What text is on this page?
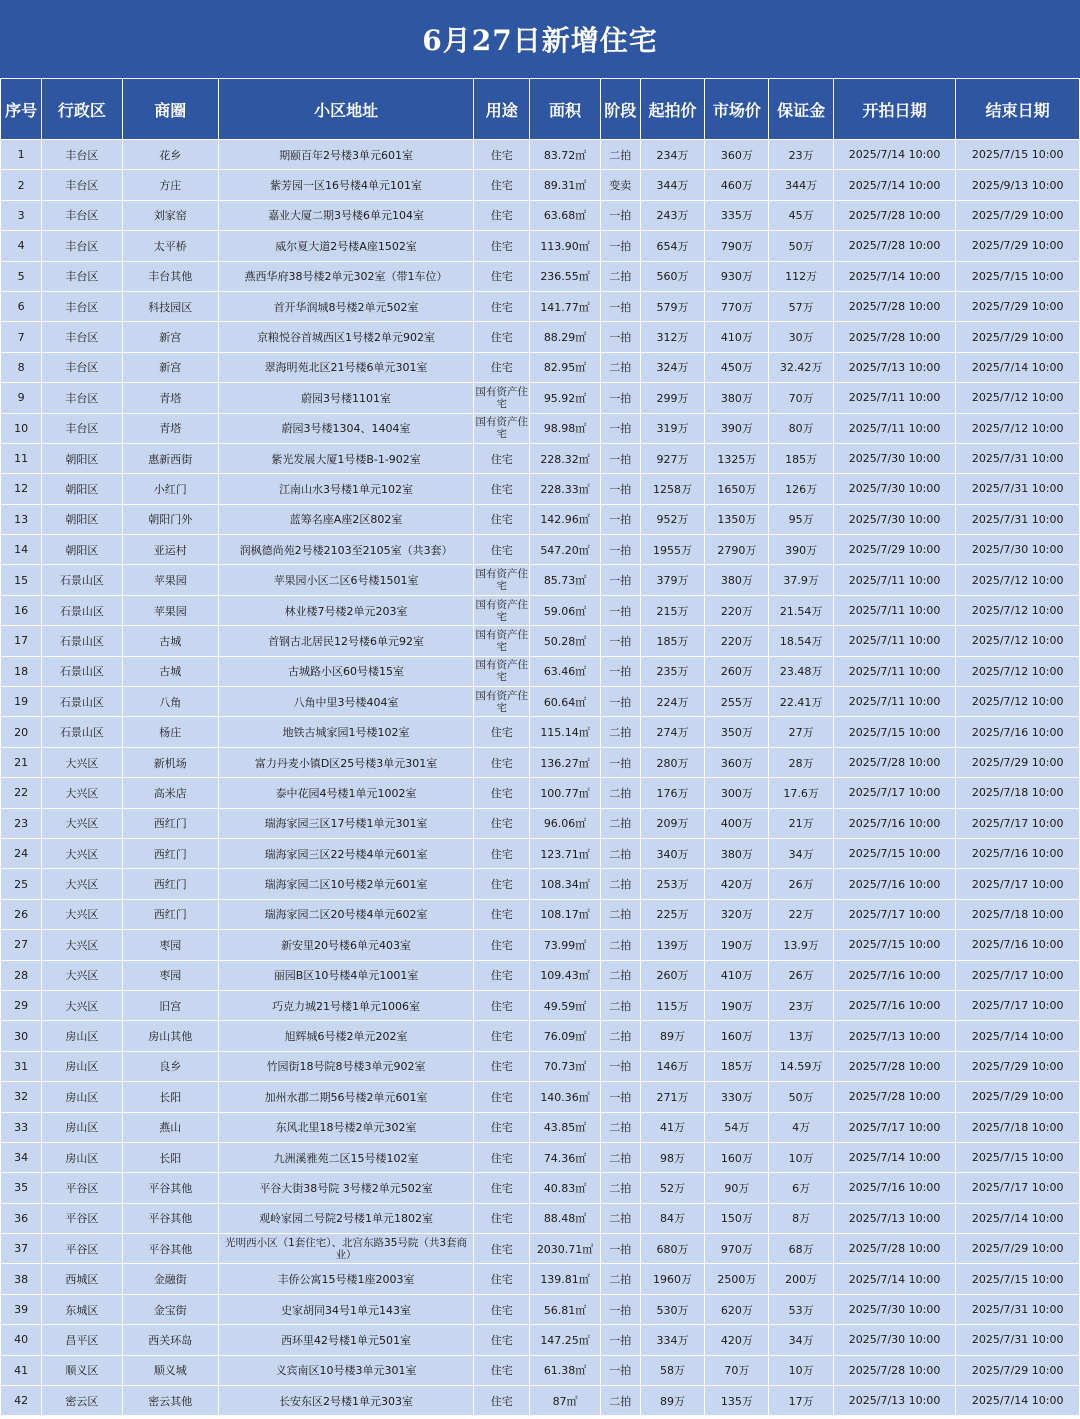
6月27日新增住宅
序号	行政区	商圈	小区地址	用途	面积	阶段	起拍价	市场价	保证金	开拍日期	结束日期
1	丰台区	花乡	期颐百年2号楼3单元601室	住宅	83.72㎡	二拍	234万	360万	23万	2025/7/14 10:00	2025/7/15 10:00
2	丰台区	方庄	紫芳园一区16号楼4单元101室	住宅	89.31㎡	变卖	344万	460万	344万	2025/7/14 10:00	2025/9/13 10:00
3	丰台区	刘家窑	嘉业大厦二期3号楼6单元104室	住宅	63.68㎡	一拍	243万	335万	45万	2025/7/28 10:00	2025/7/29 10:00
4	丰台区	太平桥	威尔夏大道2号楼A座1502室	住宅	113.90㎡	一拍	654万	790万	50万	2025/7/28 10:00	2025/7/29 10:00
5	丰台区	丰台其他	燕西华府38号楼2单元302室（带1车位）	住宅	236.55㎡	二拍	560万	930万	112万	2025/7/14 10:00	2025/7/15 10:00
6	丰台区	科技园区	首开华润城8号楼2单元502室	住宅	141.77㎡	一拍	579万	770万	57万	2025/7/28 10:00	2025/7/29 10:00
7	丰台区	新宫	京粮悦谷首城西区1号楼2单元902室	住宅	88.29㎡	一拍	312万	410万	30万	2025/7/28 10:00	2025/7/29 10:00
8	丰台区	新宫	翠海明苑北区21号楼6单元301室	住宅	82.95㎡	二拍	324万	450万	32.42万	2025/7/13 10:00	2025/7/14 10:00
9	丰台区	青塔	蔚园3号楼1101室	国有资产住宅	95.92㎡	一拍	299万	380万	70万	2025/7/11 10:00	2025/7/12 10:00
10	丰台区	青塔	蔚园3号楼1304、1404室	国有资产住宅	98.98㎡	一拍	319万	390万	80万	2025/7/11 10:00	2025/7/12 10:00
11	朝阳区	惠新西街	紫光发展大厦1号楼B-1-902室	住宅	228.32㎡	一拍	927万	1325万	185万	2025/7/30 10:00	2025/7/31 10:00
12	朝阳区	小红门	江南山水3号楼1单元102室	住宅	228.33㎡	一拍	1258万	1650万	126万	2025/7/30 10:00	2025/7/31 10:00
13	朝阳区	朝阳门外	蓝筹名座A座2区802室	住宅	142.96㎡	一拍	952万	1350万	95万	2025/7/30 10:00	2025/7/31 10:00
14	朝阳区	亚运村	润枫德尚苑2号楼2103至2105室（共3套）	住宅	547.20㎡	一拍	1955万	2790万	390万	2025/7/29 10:00	2025/7/30 10:00
15	石景山区	苹果园	苹果园小区二区6号楼1501室	国有资产住宅	85.73㎡	一拍	379万	380万	37.9万	2025/7/11 10:00	2025/7/12 10:00
16	石景山区	苹果园	林业楼7号楼2单元203室	国有资产住宅	59.06㎡	一拍	215万	220万	21.54万	2025/7/11 10:00	2025/7/12 10:00
17	石景山区	古城	首钢古北居民12号楼6单元92室	国有资产住宅	50.28㎡	一拍	185万	220万	18.54万	2025/7/11 10:00	2025/7/12 10:00
18	石景山区	古城	古城路小区60号楼15室	国有资产住宅	63.46㎡	一拍	235万	260万	23.48万	2025/7/11 10:00	2025/7/12 10:00
19	石景山区	八角	八角中里3号楼404室	国有资产住宅	60.64㎡	一拍	224万	255万	22.41万	2025/7/11 10:00	2025/7/12 10:00
20	石景山区	杨庄	地铁古城家园1号楼102室	住宅	115.14㎡	二拍	274万	350万	27万	2025/7/15 10:00	2025/7/16 10:00
21	大兴区	新机场	富力丹麦小镇D区25号楼3单元301室	住宅	136.27㎡	一拍	280万	360万	28万	2025/7/28 10:00	2025/7/29 10:00
22	大兴区	高米店	泰中花园4号楼1单元1002室	住宅	100.77㎡	二拍	176万	300万	17.6万	2025/7/17 10:00	2025/7/18 10:00
23	大兴区	西红门	瑞海家园三区17号楼1单元301室	住宅	96.06㎡	二拍	209万	400万	21万	2025/7/16 10:00	2025/7/17 10:00
24	大兴区	西红门	瑞海家园三区22号楼4单元601室	住宅	123.71㎡	二拍	340万	380万	34万	2025/7/15 10:00	2025/7/16 10:00
25	大兴区	西红门	瑞海家园二区10号楼2单元601室	住宅	108.34㎡	二拍	253万	420万	26万	2025/7/16 10:00	2025/7/17 10:00
26	大兴区	西红门	瑞海家园二区20号楼4单元602室	住宅	108.17㎡	二拍	225万	320万	22万	2025/7/17 10:00	2025/7/18 10:00
27	大兴区	枣园	新安里20号楼6单元403室	住宅	73.99㎡	二拍	139万	190万	13.9万	2025/7/15 10:00	2025/7/16 10:00
28	大兴区	枣园	丽园B区10号楼4单元1001室	住宅	109.43㎡	二拍	260万	410万	26万	2025/7/16 10:00	2025/7/17 10:00
29	大兴区	旧宫	巧克力城21号楼1单元1006室	住宅	49.59㎡	二拍	115万	190万	23万	2025/7/16 10:00	2025/7/17 10:00
30	房山区	房山其他	旭辉城6号楼2单元202室	住宅	76.09㎡	二拍	89万	160万	13万	2025/7/13 10:00	2025/7/14 10:00
31	房山区	良乡	竹园街18号院8号楼3单元902室	住宅	70.73㎡	一拍	146万	185万	14.59万	2025/7/28 10:00	2025/7/29 10:00
32	房山区	长阳	加州水郡二期56号楼2单元601室	住宅	140.36㎡	一拍	271万	330万	50万	2025/7/28 10:00	2025/7/29 10:00
33	房山区	燕山	东风北里18号楼2单元302室	住宅	43.85㎡	二拍	41万	54万	4万	2025/7/17 10:00	2025/7/18 10:00
34	房山区	长阳	九洲溪雅苑二区15号楼102室	住宅	74.36㎡	二拍	98万	160万	10万	2025/7/14 10:00	2025/7/15 10:00
35	平谷区	平谷其他	平谷大街38号院 3号楼2单元502室	住宅	40.83㎡	二拍	52万	90万	6万	2025/7/16 10:00	2025/7/17 10:00
36	平谷区	平谷其他	观岭家园二号院2号楼1单元1802室	住宅	88.48㎡	二拍	84万	150万	8万	2025/7/13 10:00	2025/7/14 10:00
37	平谷区	平谷其他	光明西小区（1套住宅）、北宫东路35号院（共3套商业）	住宅	2030.71㎡	一拍	680万	970万	68万	2025/7/28 10:00	2025/7/29 10:00
38	西城区	金融街	丰侨公寓15号楼1座2003室	住宅	139.81㎡	二拍	1960万	2500万	200万	2025/7/14 10:00	2025/7/15 10:00
39	东城区	金宝街	史家胡同34号1单元143室	住宅	56.81㎡	一拍	530万	620万	53万	2025/7/30 10:00	2025/7/31 10:00
40	昌平区	西关环岛	西环里42号楼1单元501室	住宅	147.25㎡	一拍	334万	420万	34万	2025/7/30 10:00	2025/7/31 10:00
41	顺义区	顺义城	义宾南区10号楼3单元301室	住宅	61.38㎡	一拍	58万	70万	10万	2025/7/28 10:00	2025/7/29 10:00
42	密云区	密云其他	长安东区2号楼1单元303室	住宅	87㎡	二拍	89万	135万	17万	2025/7/13 10:00	2025/7/14 10:00
